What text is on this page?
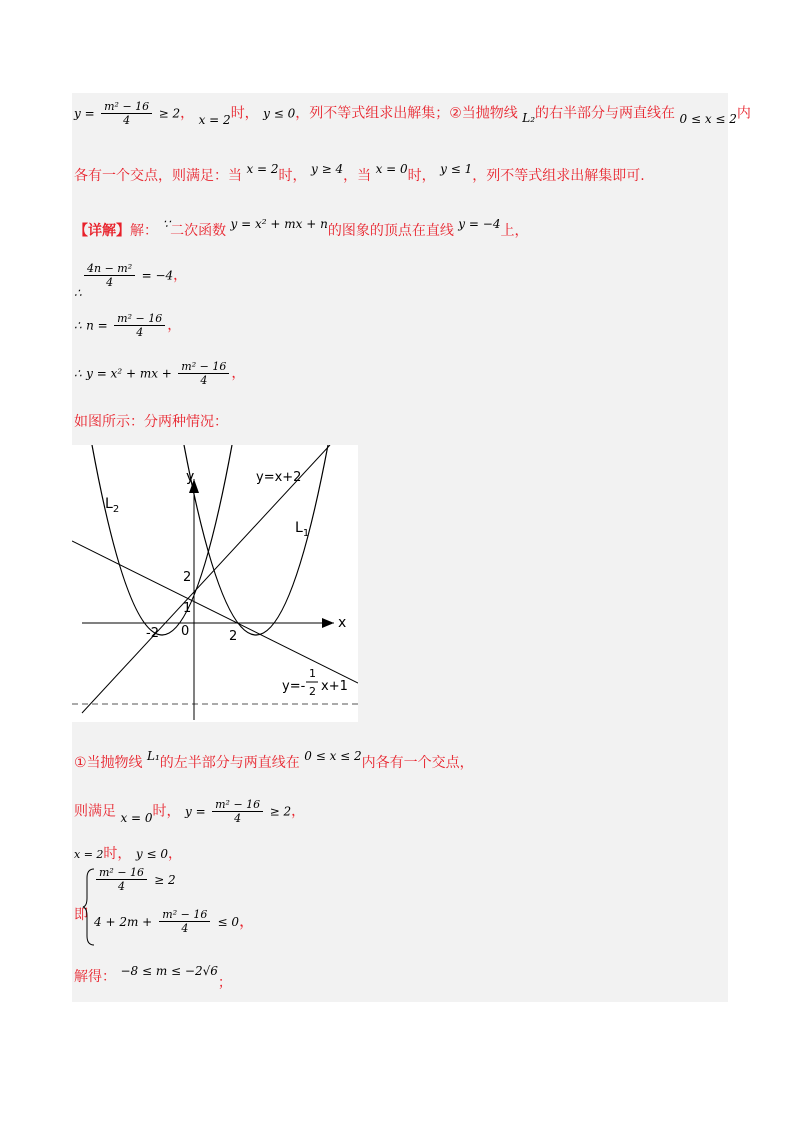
$y = \frac{\text{m² − 16}}{4} \ge 2$， x = 2时， y ≤ 0，列不等式组求出解集；②当抛物线 L₂的右半部分与两直线在 0 ≤ x ≤ 2内
各有一个交点，则满足：当 x = 2时， y ≥ 4，当 x = 0时， y ≤ 1，列不等式组求出解集即可.
【详解】解： ∵二次函数 y = x² + mx + n的图象的顶点在直线 y = −4上，
$\frac{\text{4n − m²}}{4} = -4$，
∴
∴ $n = \frac{\text{m² − 16}}{4}$ ，
∴ y = x² + mx + $\frac{\text{m² − 16}}{4}$ ，
如图所示：分两种情况：
y
x
y=x+2
$L_2$
$L_1$
2
1
0
-2	2
y=-
1
2 x+1
①当抛物线 L₁的左半部分与两直线在 0 ≤ x ≤ 2内各有一个交点，
则满足 x = 0时， $y = \frac{\text{m² − 16}}{4} \ge 2$，
x = 2时， y ≤ 0，
即
$\frac{\text{m² − 16}}{4} \ge 2$
$4 + 2m + \frac{\text{m² − 16}}{4} \le 0$，
解得： −8 ≤ m ≤ −2√6；
